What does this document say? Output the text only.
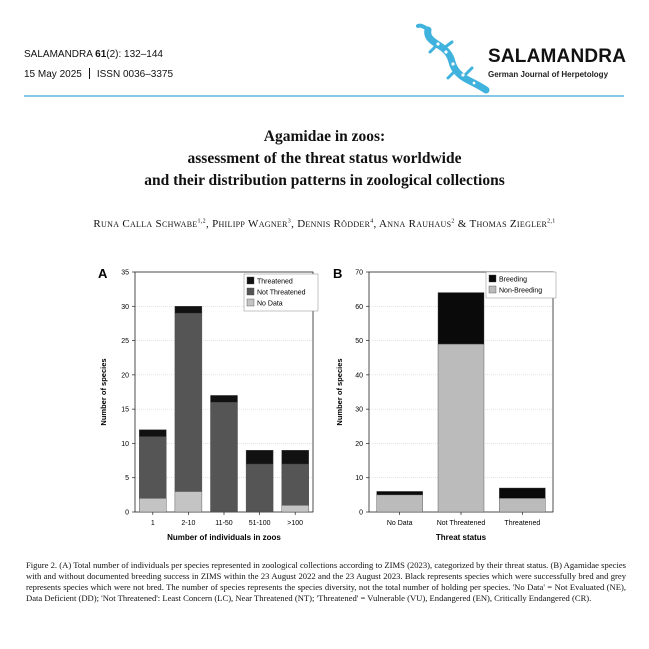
SALAMANDRA 61(2): 132–144
15 May 2025 ISSN 0036–3375
SALAMANDRA
German Journal of Herpetology
Agamidae in zoos:
assessment of the threat status worldwide
and their distribution patterns in zoological collections
Runa Calla Schwabe$^{1,2}$, Philipp Wagner$^3$, Dennis Rödder$^4$, Anna Rauhaus$^2$ & Thomas Ziegler$^{2,1}$
A
0
5
10
15
20
25
30
35
1	2-10	11-50 51-100 >100
Number of individuals in zoos
Number of species
Threatened
Not Threatened
No Data
B
0
10
20
30
40
50
60
70
No Data	Not Threatened	Threatened
Threat status
Number of species
Breeding
Non-Breeding
Figure 2. (A) Total number of individuals per species represented in zoological collections according to ZIMS (2023), categorized by their threat status. (B) Agamidae species with and without documented breeding success in ZIMS within the 23 August 2022 and the 23 August 2023. Black represents species which were successfully bred and grey represents species which were not bred. The number of species represents the species diversity, not the total number of holding per species. 'No Data' = Not Evaluated (NE), Data Deficient (DD); 'Not Threatened': Least Concern (LC), Near Threatened (NT); 'Threatened' = Vulnerable (VU), Endangered (EN), Critically Endangered (CR).
